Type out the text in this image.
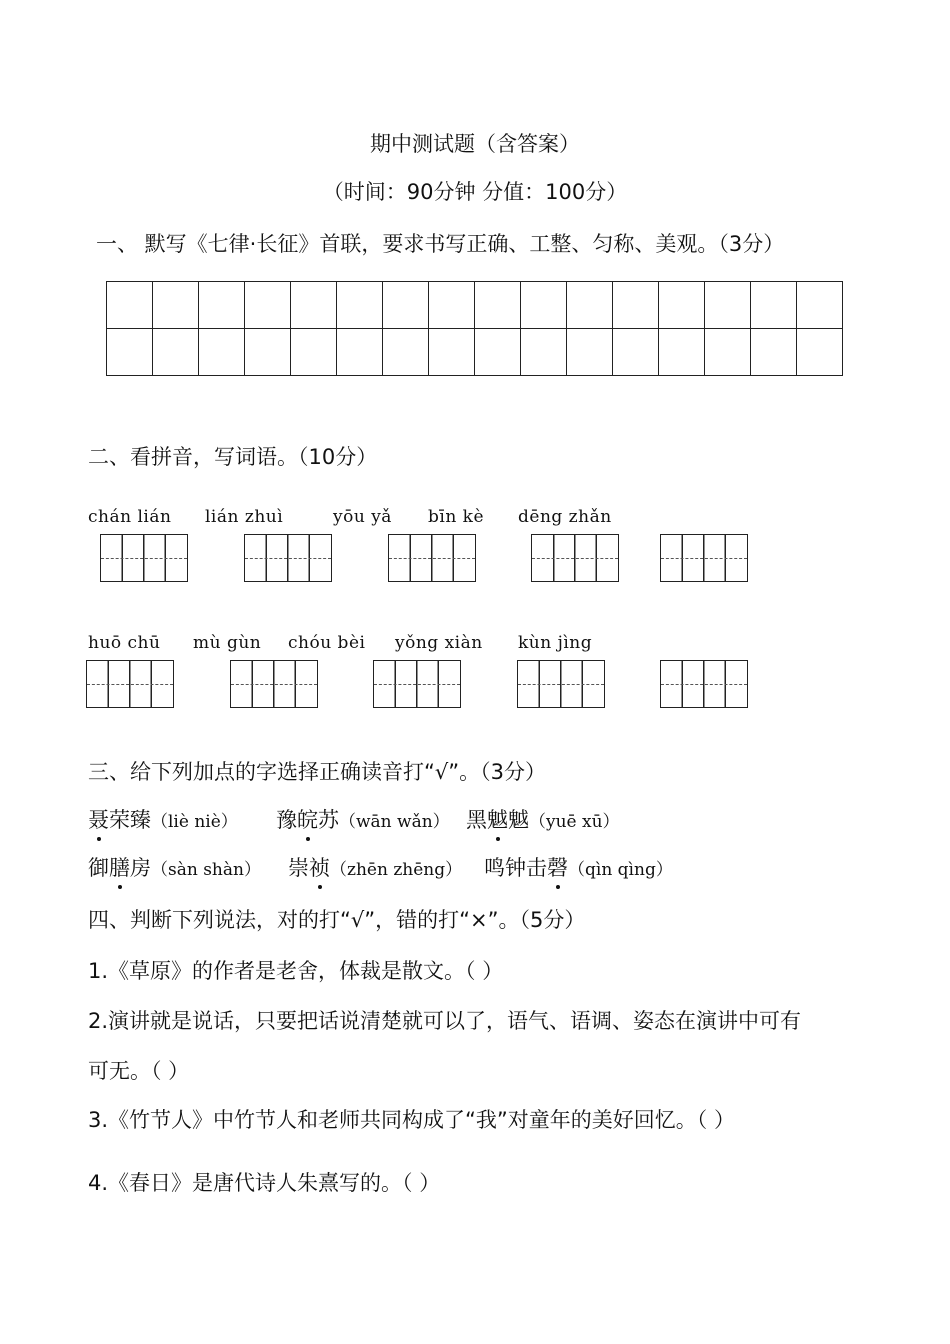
期中测试题（含答案）
（时间：90分钟 分值：100分）
一、 默写《七律·长征》首联，要求书写正确、工整、匀称、美观。（3分）

二、看拼音，写词语。（10分）
chán lián lián zhuì	yōu yǎ bīn kè dēng zhǎn
huō chū mù gùn chóu bèi yǒng xiàn kùn jìng
三、给下列加点的字选择正确读音打“√”。（3分）
聂荣臻（liè niè） 豫皖苏（wān wǎn） 黑魆魆（yuē xū）
御膳房（sàn shàn） 崇祯（zhēn zhēng） 鸣钟击磬（qìn qìng）
四、判断下列说法，对的打“√”，错的打“×”。（5分）
1.《草原》的作者是老舍，体裁是散文。（ ）
2.演讲就是说话，只要把话说清楚就可以了，语气、语调、姿态在演讲中可有
可无。（ ）
3.《竹节人》中竹节人和老师共同构成了“我”对童年的美好回忆。（ ）
4.《春日》是唐代诗人朱熹写的。（ ）
